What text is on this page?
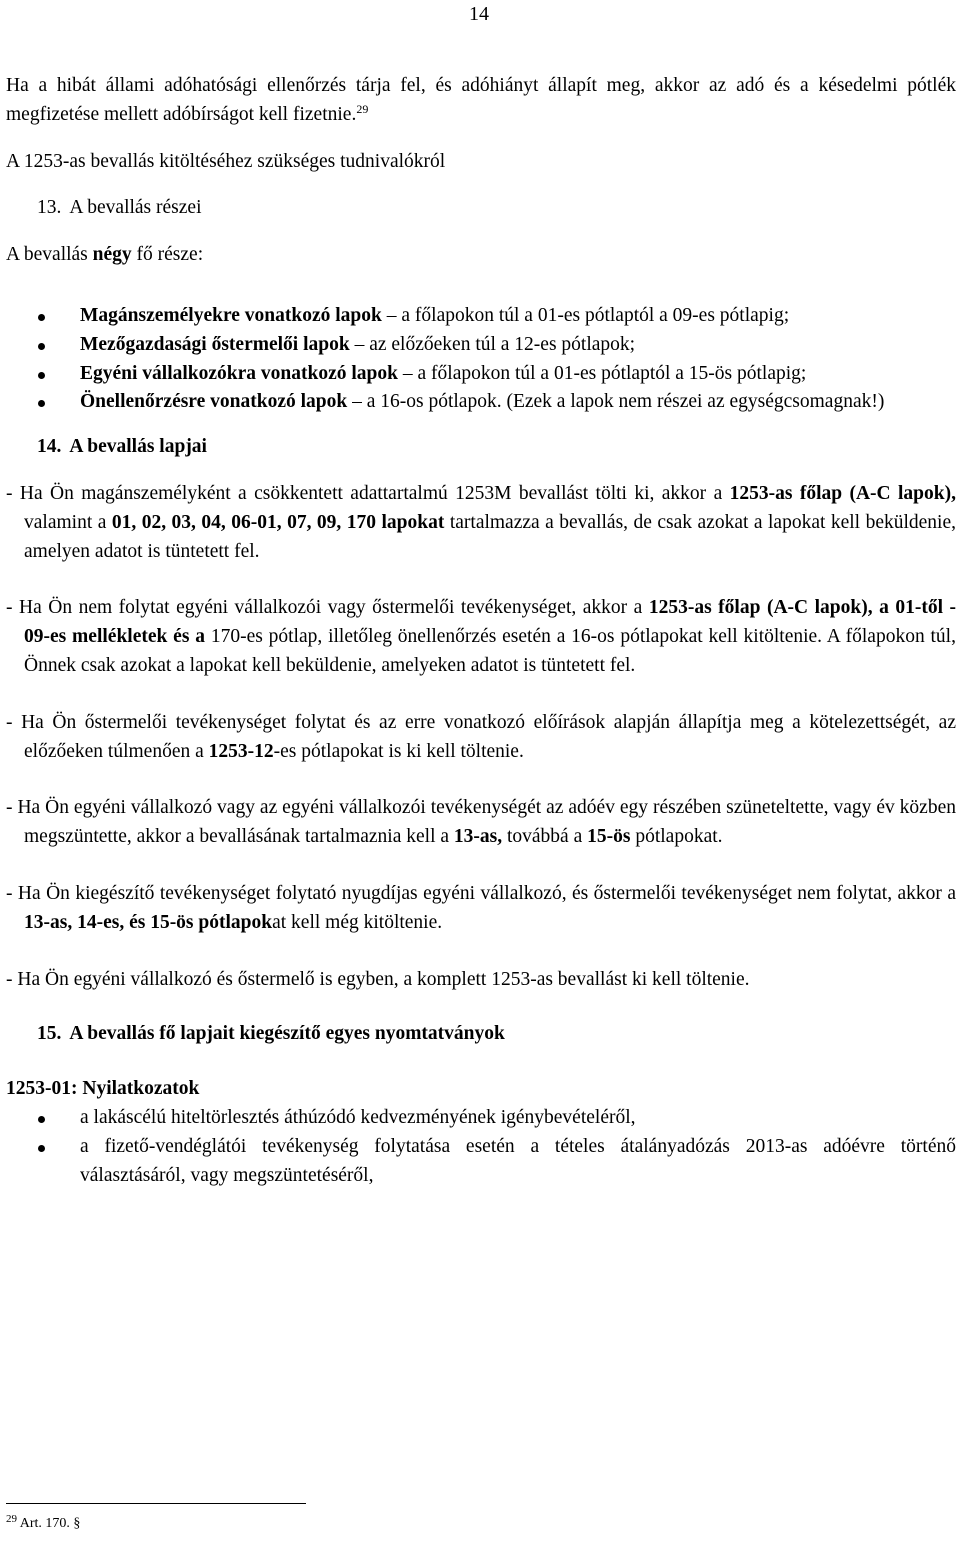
14

Ha a hibát állami adóhatósági ellenőrzés tárja fel, és adóhiányt állapít meg, akkor az adó és a késedelmi pótlék megfizetése mellett adóbírságot kell fizetnie.$^{29}$

A 1253-as bevallás kitöltéséhez szükséges tudnivalókról

13. A bevallás részei

A bevallás négy fő része:

Magánszemélyekre vonatkozó lapok – a főlapokon túl a 01-es pótlaptól a 09-es pótlapig;
Mezőgazdasági őstermelői lapok – az előzőeken túl a 12-es pótlapok;
Egyéni vállalkozókra vonatkozó lapok – a főlapokon túl a 01-es pótlaptól a 15-ös pótlapig;
Önellenőrzésre vonatkozó lapok – a 16-os pótlapok. (Ezek a lapok nem részei az egységcsomagnak!)

14. A bevallás lapjai

- Ha Ön magánszemélyként a csökkentett adattartalmú 1253M bevallást tölti ki, akkor a 1253-as főlap (A-C lapok), valamint a 01, 02, 03, 04, 06-01, 07, 09, 170 lapokat tartalmazza a bevallás, de csak azokat a lapokat kell beküldenie, amelyen adatot is tüntetett fel.

- Ha Ön nem folytat egyéni vállalkozói vagy őstermelői tevékenységet, akkor a 1253-as főlap (A-C lapok), a 01-től - 09-es mellékletek és a 170-es pótlap, illetőleg önellenőrzés esetén a 16-os pótlapokat kell kitöltenie. A főlapokon túl, Önnek csak azokat a lapokat kell beküldenie, amelyeken adatot is tüntetett fel.

- Ha Ön őstermelői tevékenységet folytat és az erre vonatkozó előírások alapján állapítja meg a kötelezettségét, az előzőeken túlmenően a 1253-12-es pótlapokat is ki kell töltenie.

- Ha Ön egyéni vállalkozó vagy az egyéni vállalkozói tevékenységét az adóév egy részében szüneteltette, vagy év közben megszüntette, akkor a bevallásának tartalmaznia kell a 13-as, továbbá a 15-ös pótlapokat.

- Ha Ön kiegészítő tevékenységet folytató nyugdíjas egyéni vállalkozó, és őstermelői tevékenységet nem folytat, akkor a 13-as, 14-es, és 15-ös pótlapokat kell még kitöltenie.

- Ha Ön egyéni vállalkozó és őstermelő is egyben, a komplett 1253-as bevallást ki kell töltenie.

15. A bevallás fő lapjait kiegészítő egyes nyomtatványok

1253-01: Nyilatkozatok

a lakáscélú hiteltörlesztés áthúzódó kedvezményének igénybevételéről,
a fizető-vendéglátói tevékenység folytatása esetén a tételes átalányadózás 2013-as adóévre történő választásáról, vagy megszüntetéséről,
$^{29}$ Art. 170. §
